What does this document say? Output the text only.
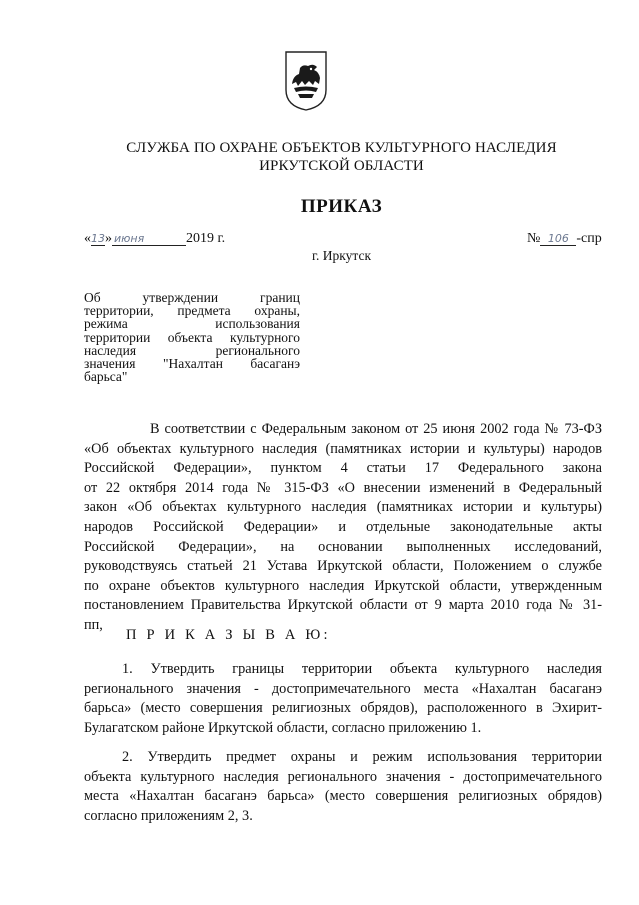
СЛУЖБА ПО ОХРАНЕ ОБЪЕКТОВ КУЛЬТУРНОГО НАСЛЕДИЯ
ИРКУТСКОЙ ОБЛАСТИ
ПРИКАЗ
«13» июня	2019 г.	№ 106 -спр
г. Иркутск
Об утверждении границ
территории, предмета охраны,
режима использования
территории объекта культурного
наследия регионального
значения "Нахалтан басаганэ
барьса"
В соответствии с Федеральным законом от 25 июня 2002 года № 73-ФЗ
«Об объектах культурного наследия (памятниках истории и культуры) народов
Российской Федерации», пунктом 4 статьи 17 Федерального закона
от 22 октября 2014 года № 315-ФЗ «О внесении изменений в Федеральный
закон «Об объектах культурного наследия (памятниках истории и культуры)
народов Российской Федерации» и отдельные законодательные акты
Российской Федерации», на основании выполненных исследований,
руководствуясь статьей 21 Устава Иркутской области, Положением о службе
по охране объектов культурного наследия Иркутской области, утвержденным
постановлением Правительства Иркутской области от 9 марта 2010 года № 31-
пп,
П Р И К А З Ы В А Ю:
1. Утвердить границы территории объекта культурного наследия
регионального значения - достопримечательного места «Нахалтан басаганэ
барьса» (место совершения религиозных обрядов), расположенного в Эхирит-
Булагатском районе Иркутской области, согласно приложению 1.
2. Утвердить предмет охраны и режим использования территории
объекта культурного наследия регионального значения - достопримечательного
места «Нахалтан басаганэ барьса» (место совершения религиозных обрядов)
согласно приложениям 2, 3.
